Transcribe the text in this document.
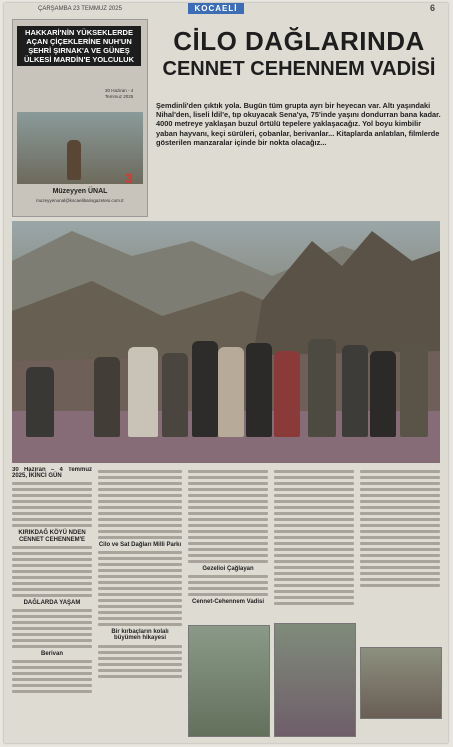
ÇARŞAMBA 23 TEMMUZ 2025	KOCAELİ	6
HAKKARİ'NİN YÜKSEKLERDE AÇAN ÇİÇEKLERİNE NUH'UN ŞEHRİ ŞIRNAK'A VE GÜNEŞ ÜLKESİ MARDİN'E YOLCULUK
30 Haziran - 4 Temmuz 2025
3
Müzeyyen ÜNAL
muzeyyenunal@kocaelibarisgazetesi.com.tr
CİLO DAĞLARINDA
CENNET CEHENNEM VADİSİ
Şemdinli'den çıktık yola. Bugün tüm grupta ayrı bir heyecan var. Altı yaşındaki Nihal'den, liseli İdil'e, tıp okuyacak Sena'ya, 75'inde yaşını dondurran bana kadar. 4000 metreye yaklaşan buzul örtülü tepelere yaklaşacağız. Yol boyu kimbilir yaban hayvanı, keçi sürüleri, çobanlar, berivanlar... Kitaplarda anlatılan, filmlerde gösterilen manzaralar içinde bir nokta olacağız...
30 Haziran – 4 Temmuz 2025, İKİNCİ GÜN
KIRIKDAĞ KÖYÜ NDEN CENNET CEHENNEM'E
DAĞLARDA YAŞAM
Berivan
Cilo ve Sat Dağları Milli Parkı
Bir kırbaçların kolalı büyümen hikayesi
Gezelioi Çağlayan
Cennet-Cehennem Vadisi
